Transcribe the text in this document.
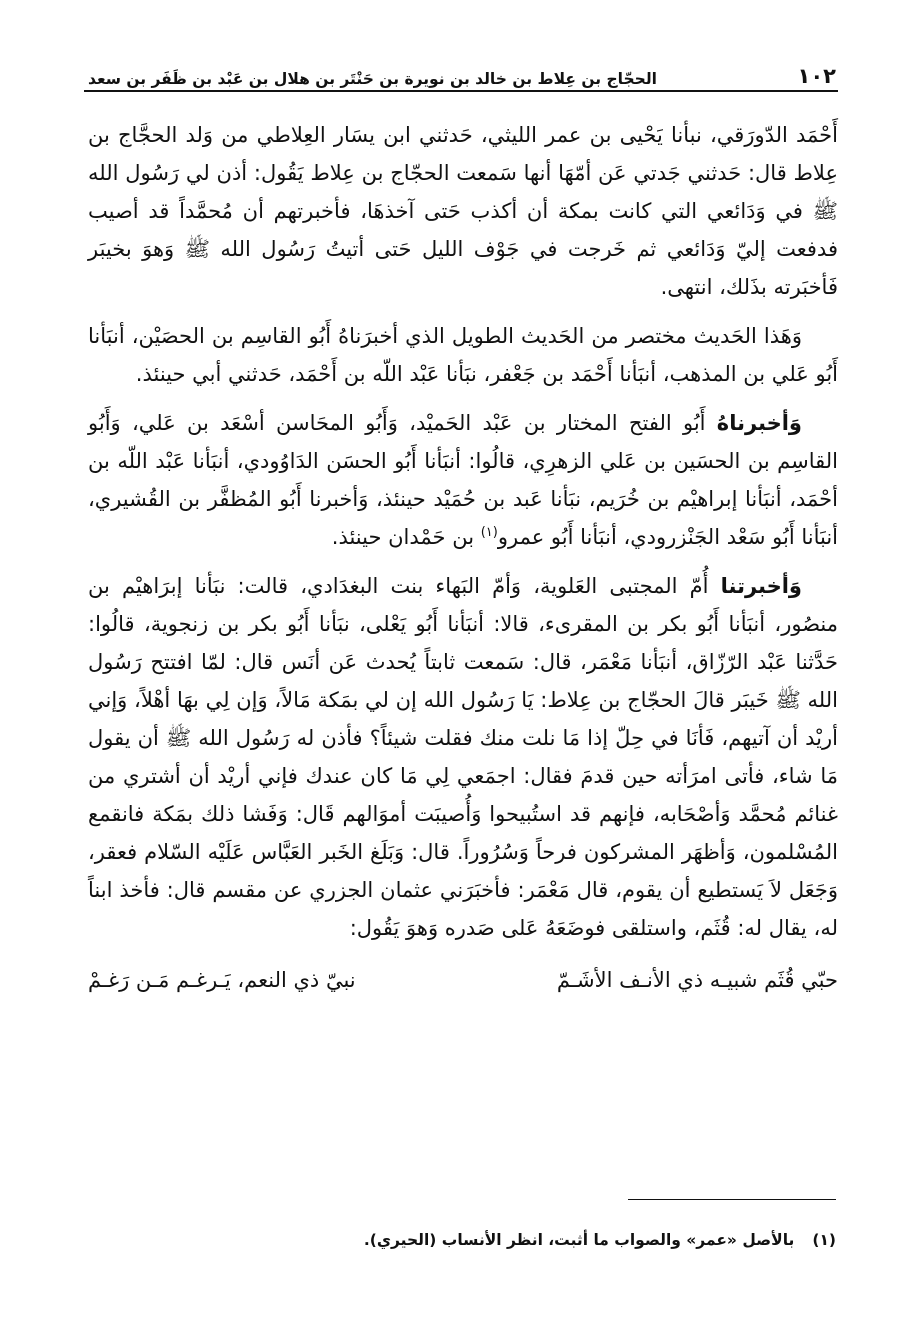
١٠٢
الحجّاج بن عِلاط بن خالد بن نويرة بن حَنْتَر بن هلال بن عَبْد بن ظَفَر بن سعد

أَحْمَد الدّورَقي، نبأنا يَحْيى بن عمر الليثي، حَدثني ابن يسَار العِلاطي من وَلد الحجَّاج بن عِلاط قال: حَدثني جَدتي عَن أمّهَا أنها سَمعت الحجّاج بن عِلاط يَقُول: أذن لي رَسُول الله ﷺ في وَدَائعي التي كانت بمكة أن أكذب حَتى آخذهَا، فأخبرتهم أن مُحمَّداً قد أصيب فدفعت إليّ وَدَائعي ثم خَرجت في جَوْف الليل حَتى أتيتُ رَسُول الله ﷺ وَهوَ بخيبَر فَأخبَرته بذَلك، انتهى.

وَهَذا الحَديث مختصر من الحَديث الطويل الذي أخبرَناهُ أَبُو القاسِم بن الحصَيْن، أنبَأنا أَبُو عَلي بن المذهب، أنبَأنا أَحْمَد بن جَعْفر، نبَأنا عَبْد اللّه بن أَحْمَد، حَدثني أبي حينئذ.

وَأخبرناهُ أَبُو الفتح المختار بن عَبْد الحَميْد، وَأَبُو المحَاسن أسْعَد بن عَلي، وَأَبُو القاسِم بن الحسَين بن عَلي الزهرِي، قالُوا: أنبَأنا أَبُو الحسَن الدَاوُودي، أنبَأنا عَبْد اللّه بن أحْمَد، أنبَأنا إبراهيْم بن خُرَيم، نبَأنا عَبد بن حُمَيْد حينئذ، وَأخبرنا أَبُو المُظفَّر بن القُشيري، أنبَأنا أَبُو سَعْد الجَنْزرودي، أنبَأنا أَبُو عمرو$^{(١)}$ بن حَمْدان حينئذ.

وَأخبرتنا أُمّ المجتبى العَلوية، وَأمّ البَهاء بنت البغدَادي، قالت: نبَأنا إبرَاهيْم بن منصُور، أنبَأنا أَبُو بكر بن المقرىء، قالا: أنبَأنا أَبُو يَعْلى، نبَأنا أَبُو بكر بن زنجوية، قالُوا: حَدَّثنا عَبْد الرّزّاق، أنبَأنا مَعْمَر، قال: سَمعت ثابتاً يُحدث عَن أنَس قال: لمّا افتتح رَسُول الله ﷺ خَيبَر قالَ الحجّاج بن عِلاط: يَا رَسُول الله إن لي بمَكة مَالاً، وَإن لِي بهَا أهْلاً، وَإني أريْد أن آتيهم، فَأنَا في حِلّ إذا مَا نلت منك فقلت شيئاً؟ فأذن له رَسُول الله ﷺ أن يقول مَا شاء، فأتى امرَأته حين قدمَ فقال: اجمَعي لِي مَا كان عندك فإني أريْد أن أشتري من غنائم مُحمَّد وَأصْحَابه، فإنهم قد استُبيحوا وَأُصيبَت أموَالهم قَال: وَفَشا ذلك بمَكة فانقمع المُسْلمون، وَأظهَر المشركون فرحاً وَسُرُوراً. قال: وَبَلَغ الخَبر العَبَّاس عَلَيْه السّلام فعقر، وَجَعَل لاَ يَستطيع أن يقوم، قال مَعْمَر: فأخبَرَني عثمان الجزري عن مقسم قال: فأخذ ابناً له، يقال له: قُثَم، واستلقى فوضَعَهُ عَلى صَدره وَهوَ يَقُول:

حبّي قُثَم شبيـه ذي الأنـف الأشَـمّ
نبيّ ذي النعم، يَـرغـم مَـن رَغـمْ
(١)بالأصل «عمر» والصواب ما أثبت، انظر الأنساب (الحيري).
